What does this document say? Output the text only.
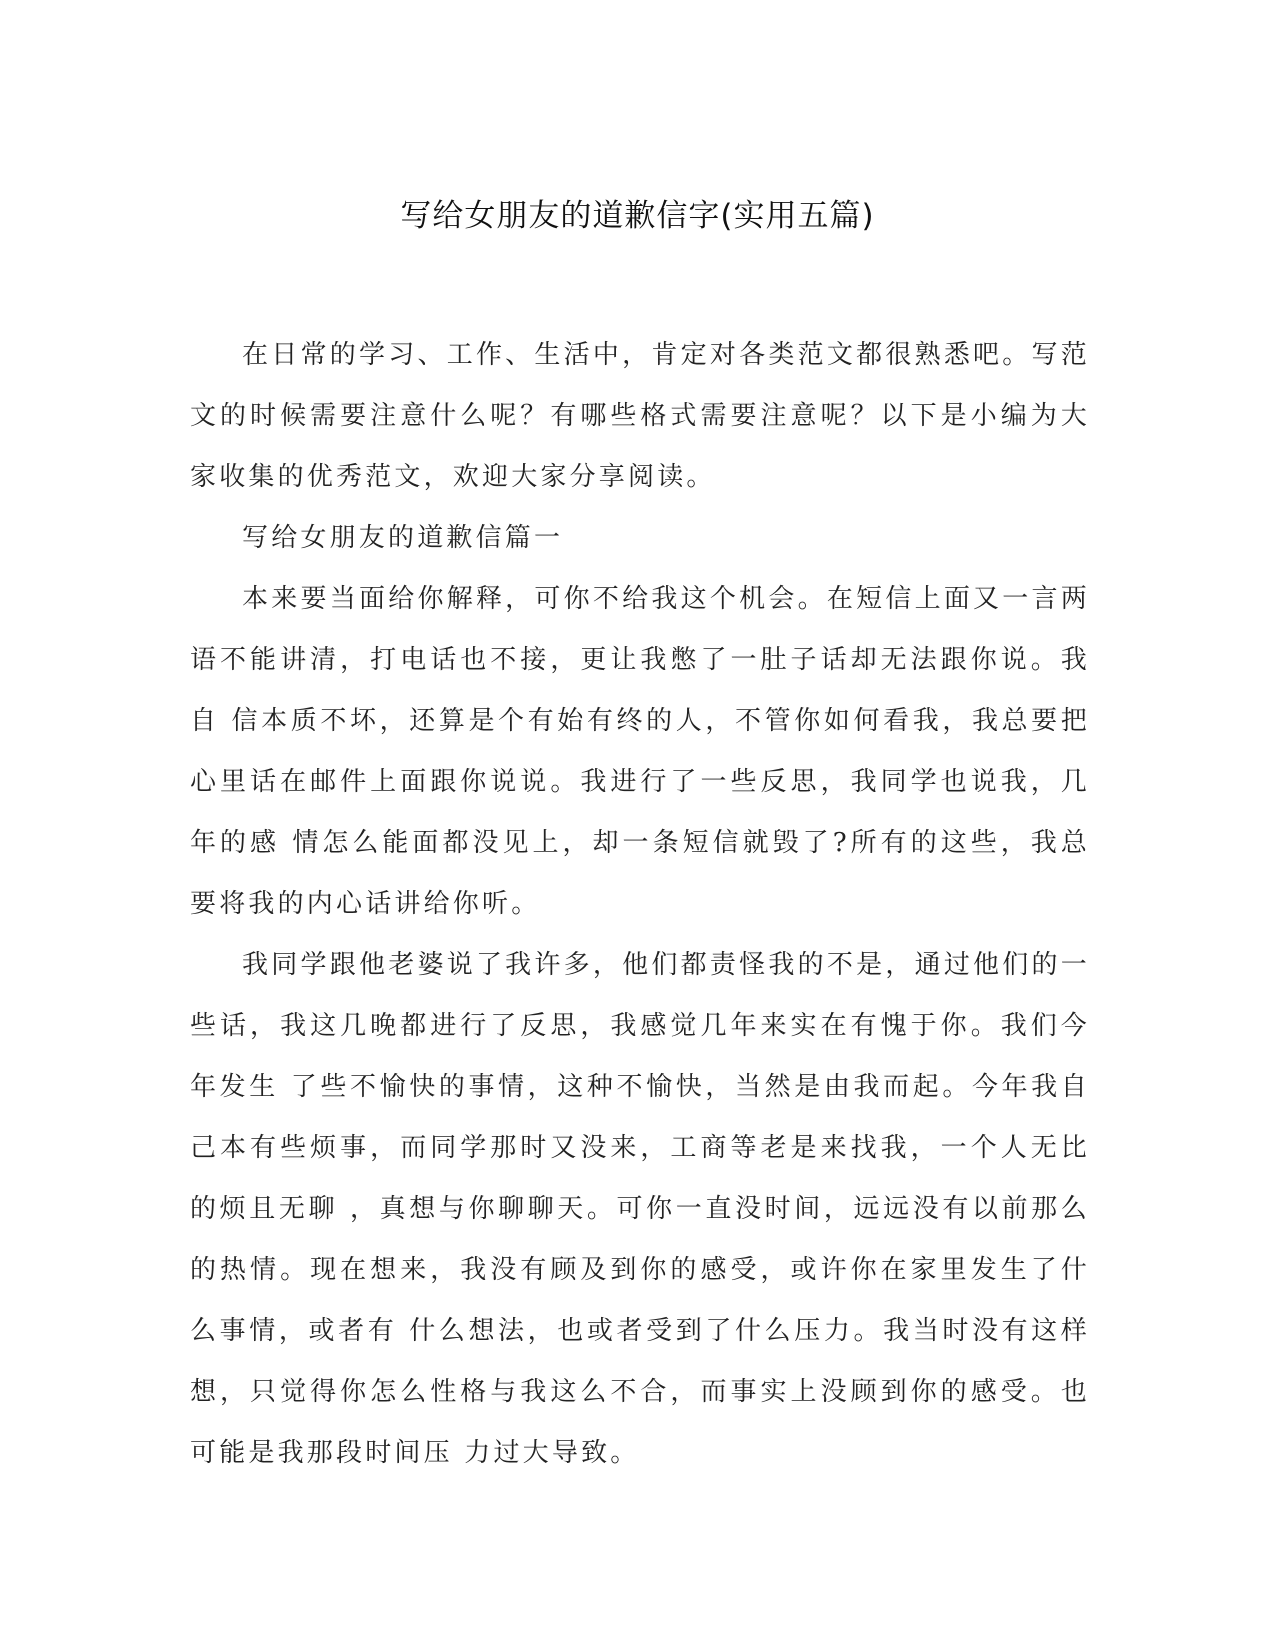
写给女朋友的道歉信字(实用五篇)

在日常的学习、工作、生活中，肯定对各类范文都很熟悉吧。写范文的时候需要注意什么呢？有哪些格式需要注意呢？以下是小编为大家收集的优秀范文，欢迎大家分享阅读。

写给女朋友的道歉信篇一

本来要当面给你解释，可你不给我这个机会。在短信上面又一言两语不能讲清，打电话也不接，更让我憋了一肚子话却无法跟你说。我自 信本质不坏，还算是个有始有终的人，不管你如何看我，我总要把心里话在邮件上面跟你说说。我进行了一些反思，我同学也说我，几年的感 情怎么能面都没见上，却一条短信就毁了?所有的这些，我总要将我的内心话讲给你听。

我同学跟他老婆说了我许多，他们都责怪我的不是，通过他们的一些话，我这几晚都进行了反思，我感觉几年来实在有愧于你。我们今年发生 了些不愉快的事情，这种不愉快，当然是由我而起。今年我自己本有些烦事，而同学那时又没来，工商等老是来找我，一个人无比的烦且无聊 ，真想与你聊聊天。可你一直没时间，远远没有以前那么的热情。现在想来，我没有顾及到你的感受，或许你在家里发生了什么事情，或者有 什么想法，也或者受到了什么压力。我当时没有这样想，只觉得你怎么性格与我这么不合，而事实上没顾到你的感受。也可能是我那段时间压 力过大导致。
